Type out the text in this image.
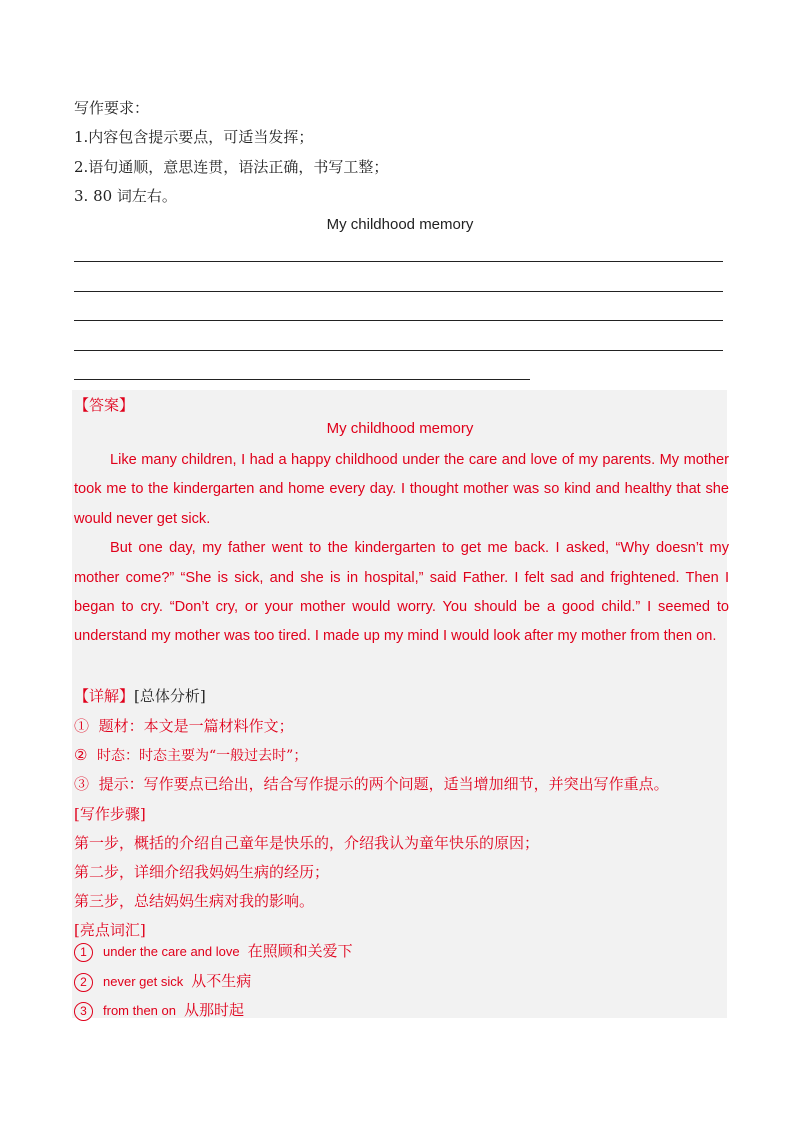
写作要求：
1.内容包含提示要点，可适当发挥；
2.语句通顺，意思连贯，语法正确，书写工整；
3. 80 词左右。
My childhood memory
【答案】
My childhood memory

Like many children, I had a happy childhood under the care and love of my parents. My mother took me to the kindergarten and home every day. I thought mother was so kind and healthy that she would never get sick.

But one day, my father went to the kindergarten to get me back. I asked, “Why doesn’t my mother come?” “She is sick, and she is in hospital,” said Father. I felt sad and frightened. Then I began to cry. “Don’t cry, or your mother would worry. You should be a good child.” I seemed to understand my mother was too tired. I made up my mind I would look after my mother from then on.

【详解】[总体分析]
① 题材：本文是一篇材料作文；
② 时态：时态主要为“一般过去时”；
③ 提示：写作要点已给出，结合写作提示的两个问题，适当增加细节，并突出写作重点。
[写作步骤]
第一步，概括的介绍自己童年是快乐的，介绍我认为童年快乐的原因；
第二步，详细介绍我妈妈生病的经历；
第三步，总结妈妈生病对我的影响。
[亮点词汇]
1 under the care and love 在照顾和关爱下
2 never get sick 从不生病
3 from then on 从那时起
